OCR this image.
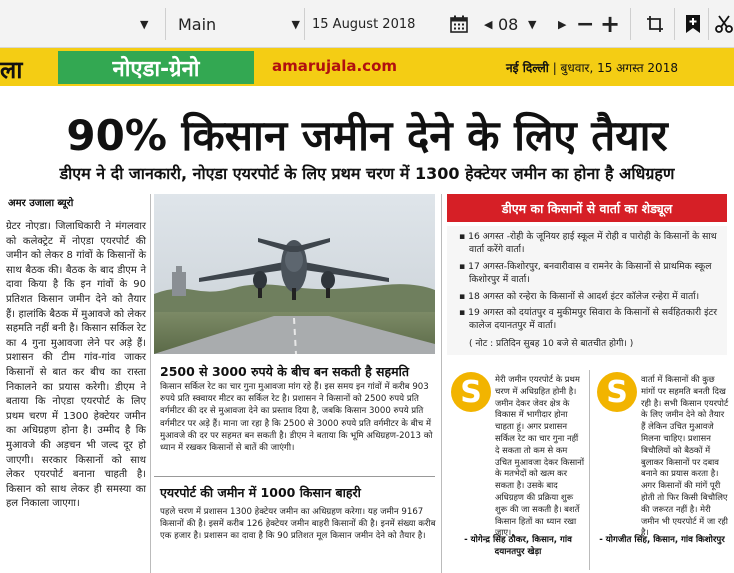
▼	Main	▼ 15 August 2018	◀ 08 ▼ ▶ − +
ला	नोएडा-ग्रेनो	amarujala.com	नई दिल्ली | बुधवार, 15 अगस्त 2018
90% किसान जमीन देने के लिए तैयार
डीएम ने दी जानकारी, नोएडा एयरपोर्ट के लिए प्रथम चरण में 1300 हेक्टेयर जमीन का होना है अधिग्रहण
अमर उजाला ब्यूरो
ग्रेटर नोएडा। जिलाधिकारी ने मंगलवार को कलेक्ट्रेट में नोएडा एयरपोर्ट की जमीन को लेकर 8 गांवों के किसानों के साथ बैठक की। बैठक के बाद डीएम ने दावा किया है कि इन गांवों के 90 प्रतिशत किसान जमीन देने को तैयार हैं। हालांकि बैठक में मुआवजे को लेकर सहमति नहीं बनी है। किसान सर्किल रेट का 4 गुना मुआवजा लेने पर अड़े हैं। प्रशासन की टीम गांव-गांव जाकर किसानों से बात कर बीच का रास्ता निकालने का प्रयास करेगी। डीएम ने बताया कि नोएडा एयरपोर्ट के लिए प्रथम चरण में 1300 हेक्टेयर जमीन का अधिग्रहण होना है। उम्मीद है कि मुआवजे की अड़चन भी जल्द दूर हो जाएगी। सरकार किसानों को साथ लेकर एयरपोर्ट बनाना चाहती है। किसान को साथ लेकर ही समस्या का हल निकाला जाएगा।
2500 से 3000 रुपये के बीच बन सकती है सहमति
किसान सर्किल रेट का चार गुना मुआवजा मांग रहे हैं। इस समय इन गांवों में करीब 903 रुपये प्रति स्क्वायर मीटर का सर्किल रेट है। प्रशासन ने किसानों को 2500 रुपये प्रति वर्गमीटर की दर से मुआवजा देने का प्रस्ताव दिया है, जबकि किसान 3000 रुपये प्रति वर्गमीटर पर अड़े हैं। माना जा रहा है कि 2500 से 3000 रुपये प्रति वर्गमीटर के बीच में मुआवजे की दर पर सहमत बन सकती है। डीएम ने बताया कि भूमि अधिग्रहण-2013 को ध्यान में रखकर किसानों से बातें की जाएंगी।
एयरपोर्ट की जमीन में 1000 किसान बाहरी
पहले चरण में प्रशासन 1300 हेक्टेयर जमीन का अधिग्रहण करेगा। यह जमीन 9167 किसानों की है। इसमें करीब 126 हेक्टेयर जमीन बाहरी किसानों की है। इनमें संख्या करीब एक हजार है। प्रशासन का दावा है कि 90 प्रतिशत मूल किसान जमीन देने को तैयार है।
डीएम का किसानों से वार्ता का शेड्यूल
▪ 16 अगस्त -रोही के जूनियर हाई स्कूल में रोही व पारोही के किसानों के साथ वार्ता करेंगे वार्ता।
▪ 17 अगस्त-किशोरपुर, बनवारीवास व रामनेर के किसानों से प्राथमिक स्कूल किशोरपुर में वार्ता।
▪ 18 अगस्त को रन्हेरा के किसानों से आदर्श इंटर कॉलेज रन्हेरा में वार्ता।
▪ 19 अगस्त को दयांतपुर व मुकीमपुर सिवारा के किसानों से सर्वहितकारी इंटर कालेज दयानतपुर में वार्ता।
( नोट : प्रतिदिन सुबह 10 बजे से बातचीत होगी। )
S	मेरी जमीन एयरपोर्ट के प्रथम चरण में अधिग्रहित होनी है। जमीन देकर जेवर क्षेत्र के विकास में भागीदार होना चाहता हूं। अगर प्रशासन सर्किल रेट का चार गुना नहीं दे सकता तो कम से कम उचित मुआवजा देकर किसानों के मतभेदों को खत्म कर सकता है। उसके बाद अधिग्रहण की प्रक्रिया शुरू शुरू की जा सकती है। बशर्ते किसान हितों का ध्यान रखा जाए।
- योगेन्द्र सिंह ठौकर, किसान, गांव दयानतपुर खेड़ा
S	वार्ता में किसानों की कुछ मांगों पर सहमति बनती दिख रही है। सभी किसान एयरपोर्ट के लिए जमीन देने को तैयार हैं लेकिन उचित मुआवजे मिलना चाहिए। प्रशासन बिचौलियों को बैठकों में बुलाकर किसानों पर दबाव बनाने का प्रयास करता है। अगर किसानों की मांगें पूरी होती तो फिर किसी बिचौलिए की जरूरत नहीं है। मेरी जमीन भी एयरपोर्ट में जा रही है।
- योगजीत सिंह, किसान, गांव किशोरपुर
